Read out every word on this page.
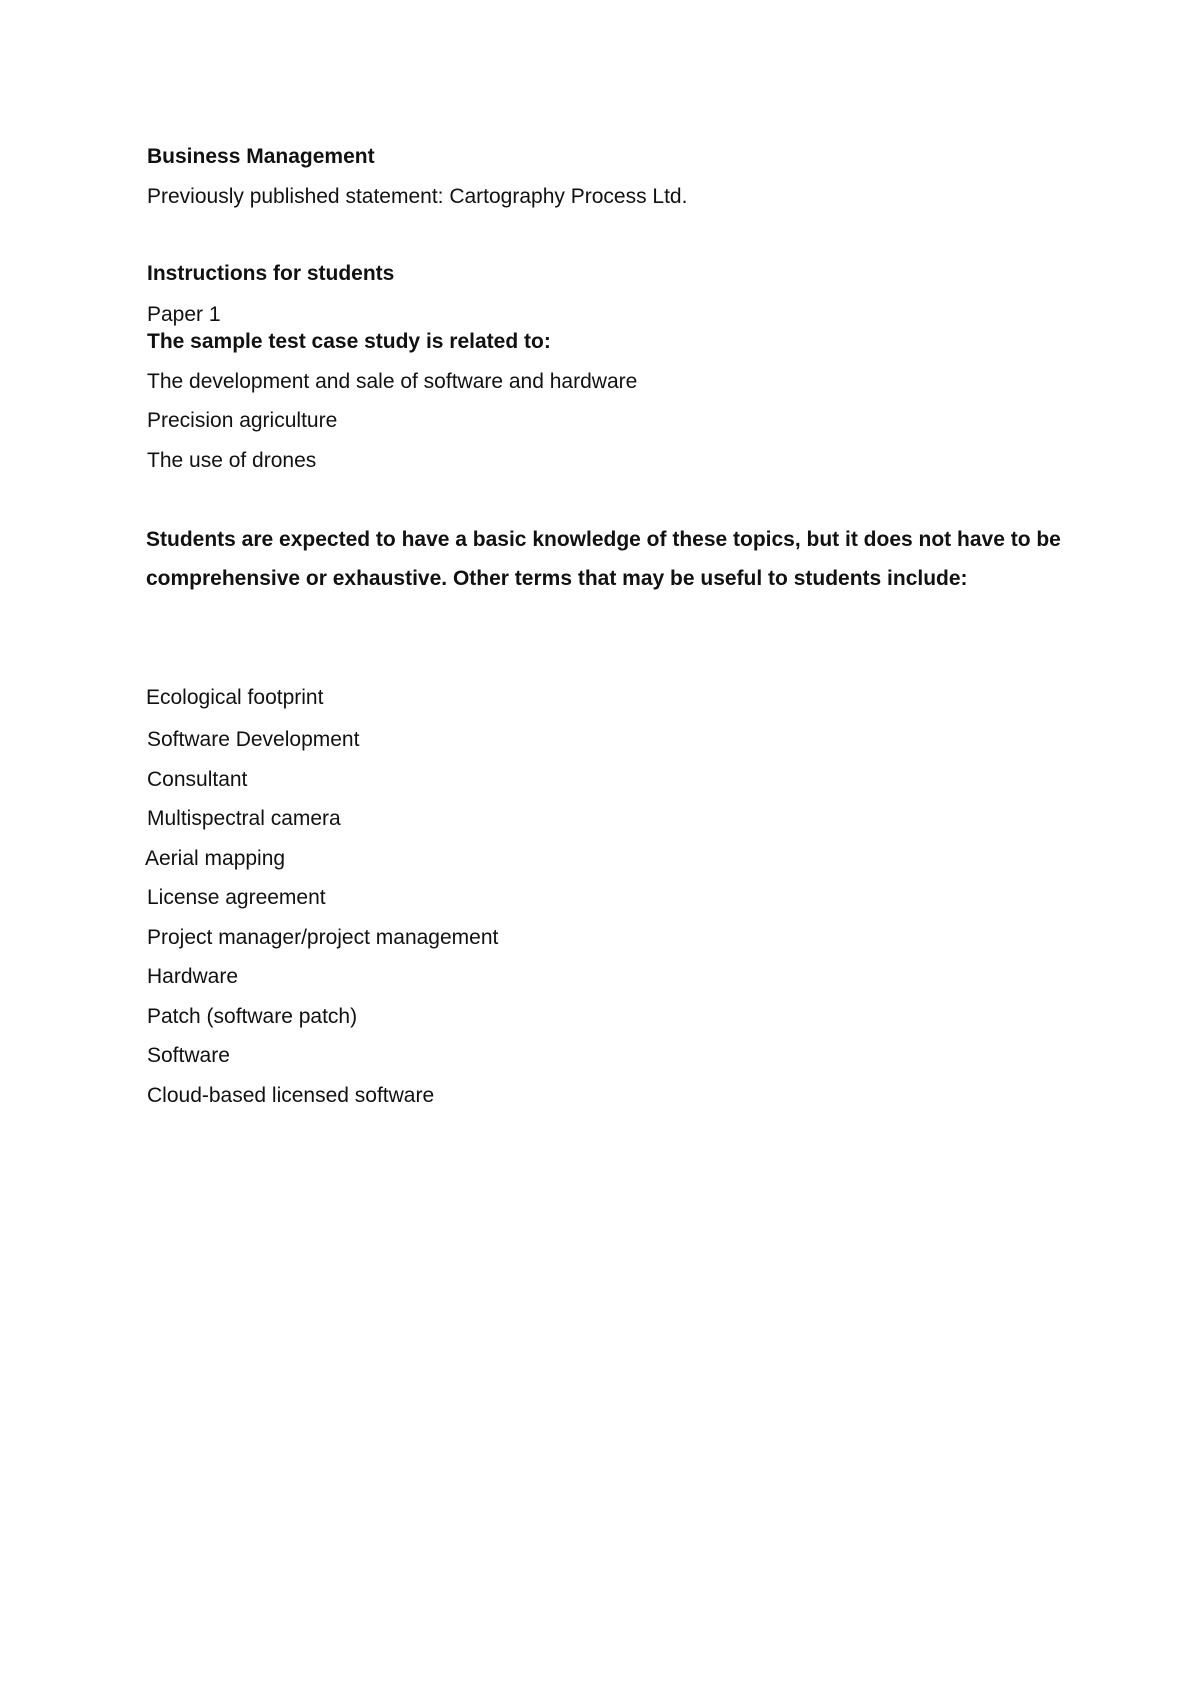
Business Management
Previously published statement: Cartography Process Ltd.
Instructions for students
Paper 1
The sample test case study is related to:
The development and sale of software and hardware
Precision agriculture
The use of drones
Students are expected to have a basic knowledge of these topics, but it does not have to be comprehensive or exhaustive. Other terms that may be useful to students include:
Ecological footprint
Software Development
Consultant
Multispectral camera
Aerial mapping
License agreement
Project manager/project management
Hardware
Patch (software patch)
Software
Cloud-based licensed software
